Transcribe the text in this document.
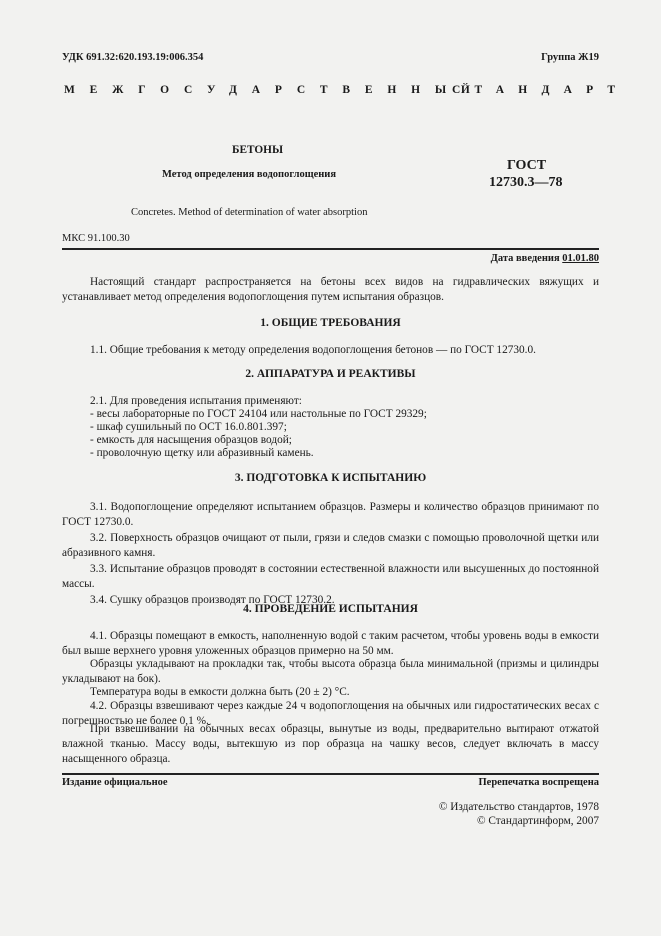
УДК 691.32:620.193.19:006.354	Группа Ж19
МЕЖГОСУДАРСТВЕННЫЙ
СТАНДАРТ
БЕТОНЫ
Метод определения водопоглощения
ГОСТ
12730.3—78
Concretes. Method of determination of water absorption
МКС 91.100.30
Дата введения 01.01.80
Настоящий стандарт распространяется на бетоны всех видов на гидравлических вяжущих и устанавливает метод определения водопоглощения путем испытания образцов.
1. ОБЩИЕ ТРЕБОВАНИЯ
1.1. Общие требования к методу определения водопоглощения бетонов — по ГОСТ 12730.0.
2. АППАРАТУРА И РЕАКТИВЫ
2.1. Для проведения испытания применяют:
- весы лабораторные по ГОСТ 24104 или настольные по ГОСТ 29329;
- шкаф сушильный по ОСТ 16.0.801.397;
- емкость для насыщения образцов водой;
- проволочную щетку или абразивный камень.
3. ПОДГОТОВКА К ИСПЫТАНИЮ
3.1. Водопоглощение определяют испытанием образцов. Размеры и количество образцов принимают по ГОСТ 12730.0.
3.2. Поверхность образцов очищают от пыли, грязи и следов смазки с помощью проволочной щетки или абразивного камня.
3.3. Испытание образцов проводят в состоянии естественной влажности или высушенных до постоянной массы.
3.4. Сушку образцов производят по ГОСТ 12730.2.
4. ПРОВЕДЕНИЕ ИСПЫТАНИЯ
4.1. Образцы помещают в емкость, наполненную водой с таким расчетом, чтобы уровень воды в емкости был выше верхнего уровня уложенных образцов примерно на 50 мм.
Образцы укладывают на прокладки так, чтобы высота образца была минимальной (призмы и цилиндры укладывают на бок).
Температура воды в емкости должна быть (20 ± 2) °С.
4.2. Образцы взвешивают через каждые 24 ч водопоглощения на обычных или гидростатических весах с погрешностью не более 0,1 %.
При взвешивании на обычных весах образцы, вынутые из воды, предварительно вытирают отжатой влажной тканью. Массу воды, вытекшую из пор образца на чашку весов, следует включать в массу насыщенного образца.
Издание официальное	Перепечатка воспрещена
© Издательство стандартов, 1978
© Стандартинформ, 2007
